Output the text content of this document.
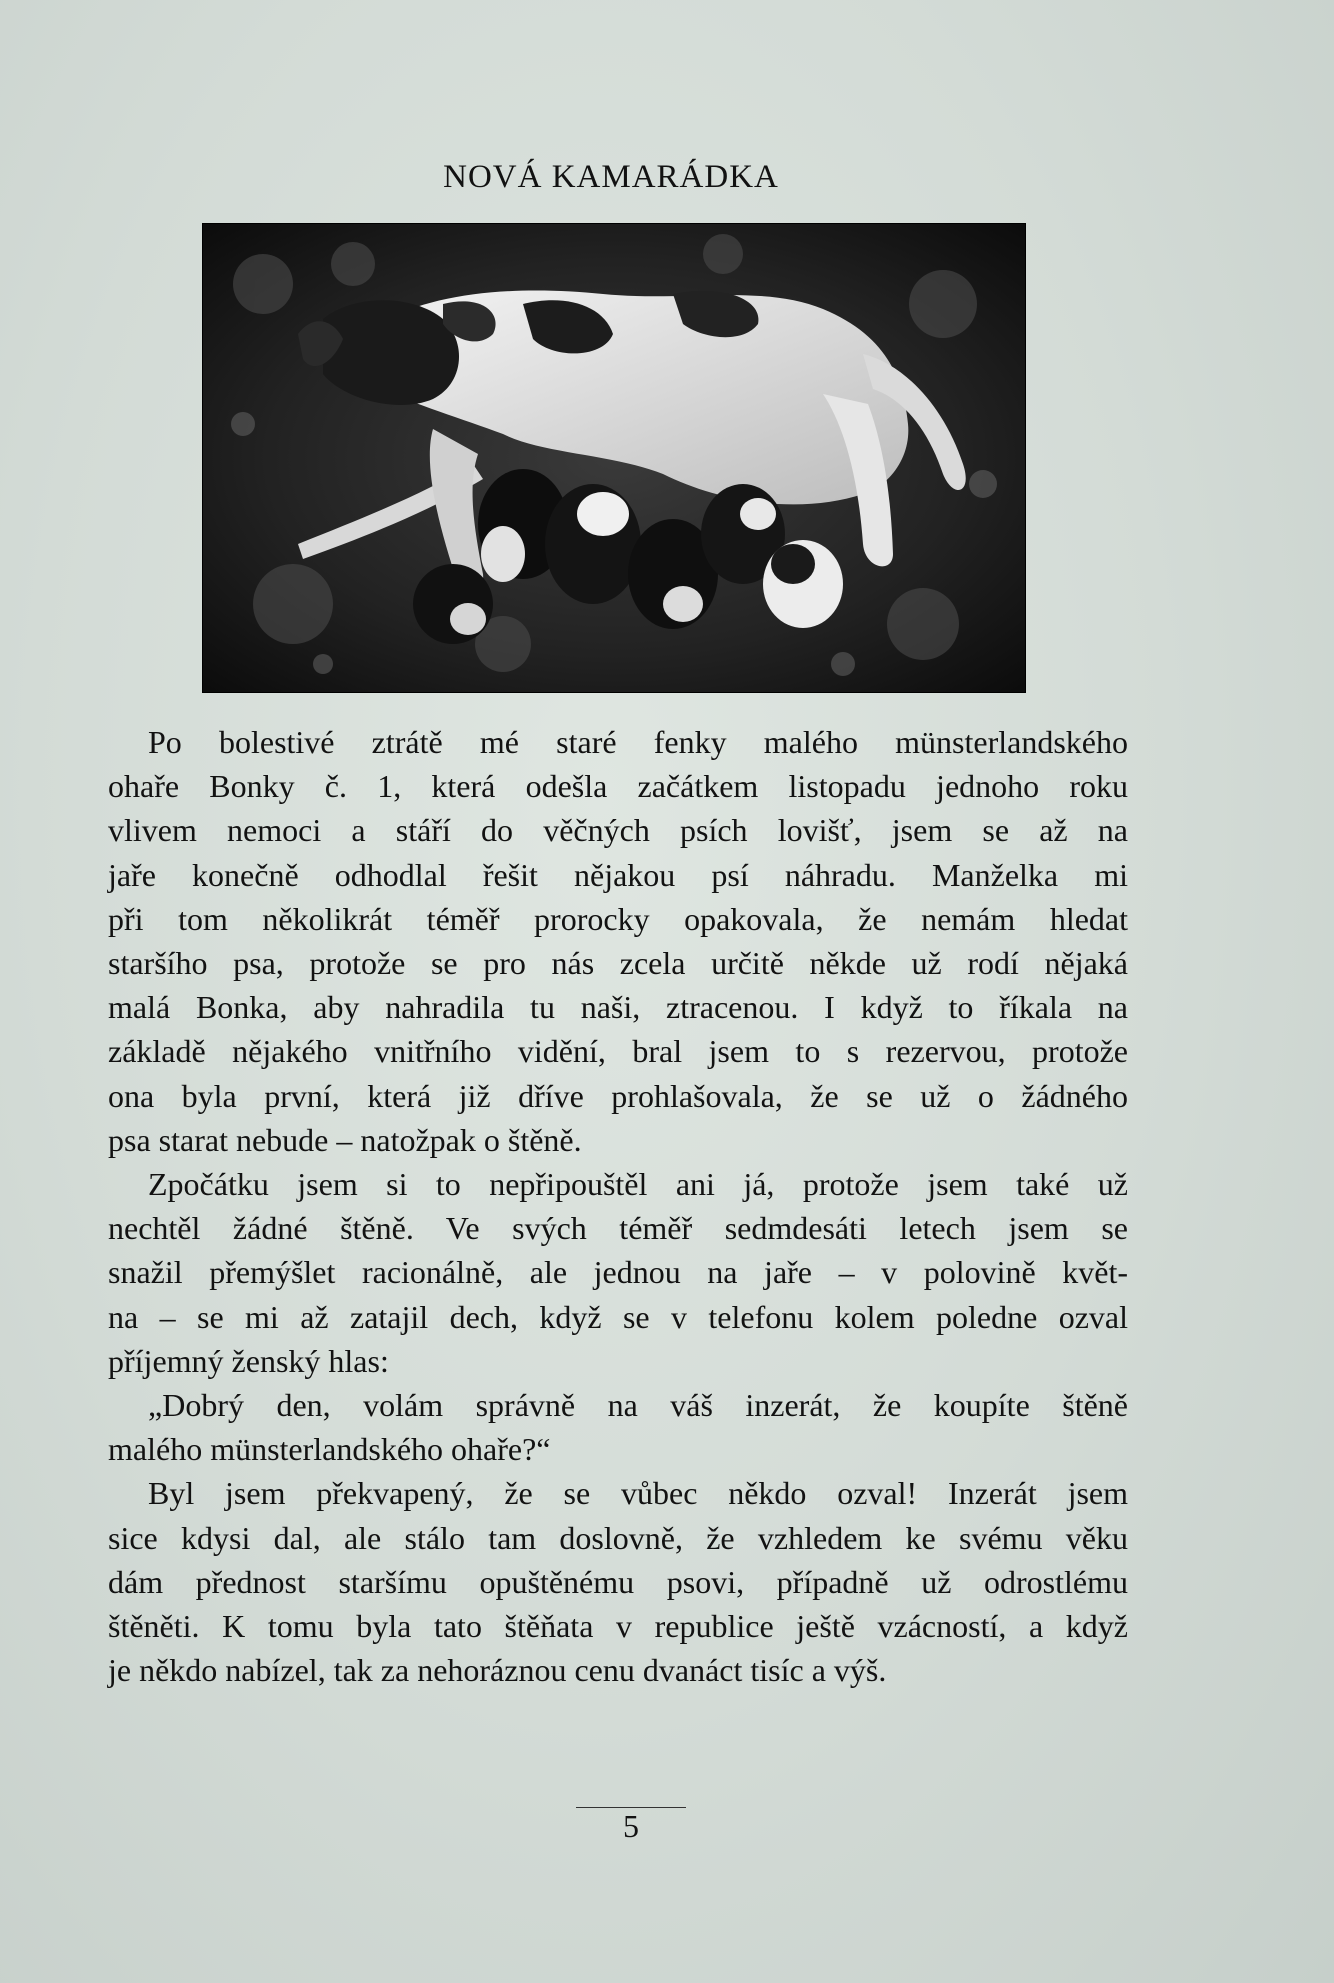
NOVÁ KAMARÁDKA
Po bolestivé ztrátě mé staré fenky malého münsterlandského
ohaře Bonky č. 1, která odešla začátkem listopadu jednoho roku
vlivem nemoci a stáří do věčných psích lovišť, jsem se až na
jaře konečně odhodlal řešit nějakou psí náhradu. Manželka mi
při tom několikrát téměř prorocky opakovala, že nemám hledat
staršího psa, protože se pro nás zcela určitě někde už rodí nějaká
malá Bonka, aby nahradila tu naši, ztracenou. I když to říkala na
základě nějakého vnitřního vidění, bral jsem to s rezervou, protože
ona byla první, která již dříve prohlašovala, že se už o žádného
psa starat nebude – natožpak o štěně.
Zpočátku jsem si to nepřipouštěl ani já, protože jsem také už
nechtěl žádné štěně. Ve svých téměř sedmdesáti letech jsem se
snažil přemýšlet racionálně, ale jednou na jaře – v polovině květ-
na – se mi až zatajil dech, když se v telefonu kolem poledne ozval
příjemný ženský hlas:
„Dobrý den, volám správně na váš inzerát, že koupíte štěně
malého münsterlandského ohaře?“
Byl jsem překvapený, že se vůbec někdo ozval! Inzerát jsem
sice kdysi dal, ale stálo tam doslovně, že vzhledem ke svému věku
dám přednost staršímu opuštěnému psovi, případně už odrostlému
štěněti. K tomu byla tato štěňata v republice ještě vzácností, a když
je někdo nabízel, tak za nehoráznou cenu dvanáct tisíc a výš.
5
